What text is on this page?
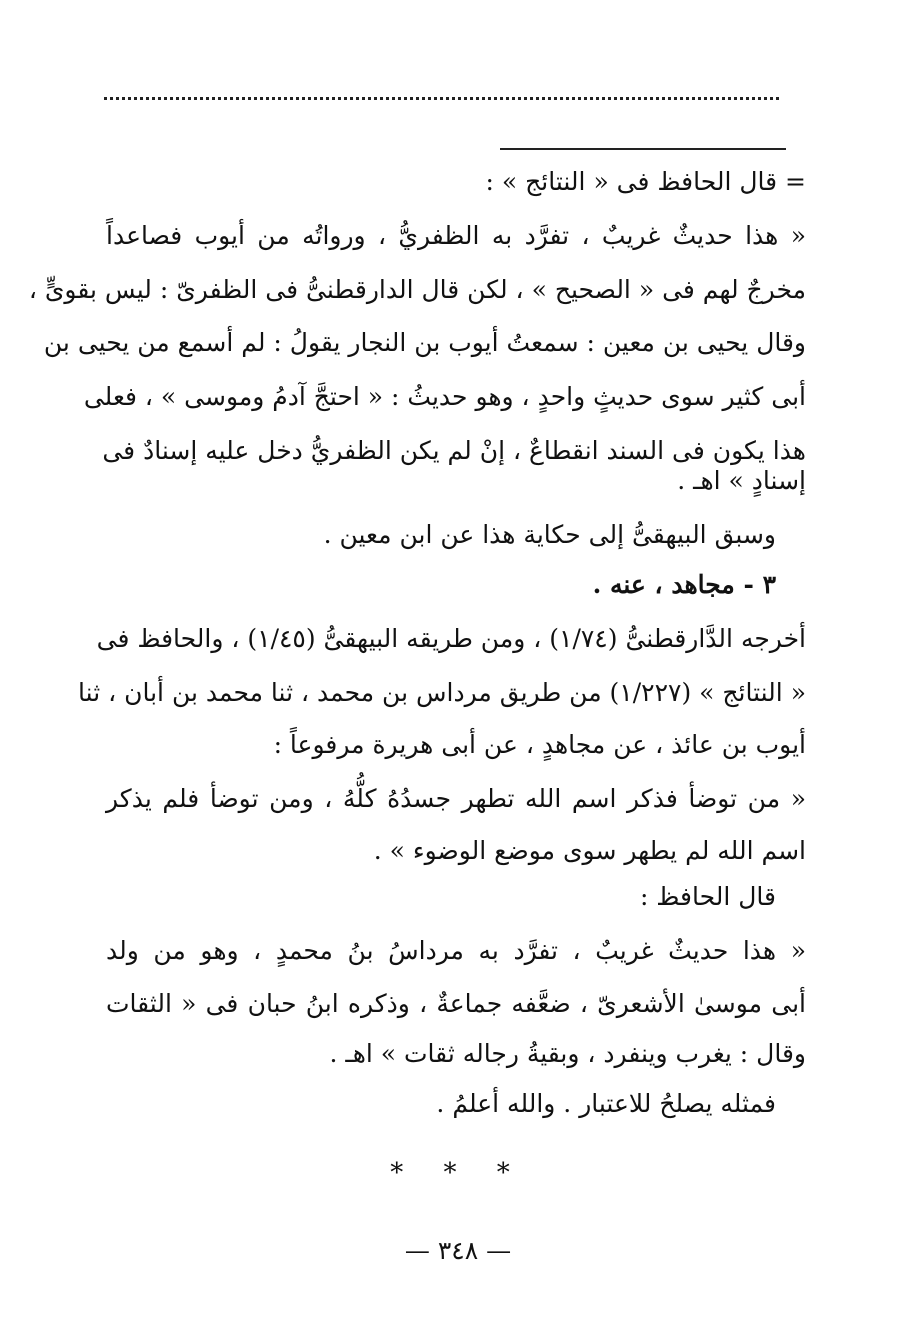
= قال الحافظ فى « النتائج » :
« هذا حديثٌ غريبٌ ، تفرَّد به الظفريُّ ، ورواتُه من أيوب فصاعداً
مخرجٌ لهم فى « الصحيح » ، لكن قال الدارقطنىُّ فى الظفرىّ : ليس بقوىٍّ ،
وقال يحيى بن معين : سمعتُ أيوب بن النجار يقولُ : لم أسمع من يحيى بن
أبى كثير سوى حديثٍ واحدٍ ، وهو حديثُ : « احتجَّ آدمُ وموسى » ، فعلى
هذا يكون فى السند انقطاعٌ ، إنْ لم يكن الظفريُّ دخل عليه إسنادٌ فى
إسنادٍ » اهـ .
وسبق البيهقىُّ إلى حكاية هذا عن ابن معين .
٣ - مجاهد ، عنه .
أخرجه الدَّارقطنىُّ (١/٧٤) ، ومن طريقه البيهقىُّ (١/٤٥) ، والحافظ فى
« النتائج » (١/٢٢٧) من طريق مرداس بن محمد ، ثنا محمد بن أبان ، ثنا
أيوب بن عائذ ، عن مجاهدٍ ، عن أبى هريرة مرفوعاً :
« من توضأ فذكر اسم الله تطهر جسدُهُ كلُّهُ ، ومن توضأ فلم يذكر
اسم الله لم يطهر سوى موضع الوضوء » .
قال الحافظ :
« هذا حديثٌ غريبٌ ، تفرَّد به مرداسُ بنُ محمدٍ ، وهو من ولد
أبى موسىٰ الأشعرىّ ، ضعَّفه جماعةٌ ، وذكره ابنُ حبان فى « الثقات
وقال : يغرب وينفرد ، وبقيةُ رجاله ثقات » اهـ .
فمثله يصلحُ للاعتبار . والله أعلمُ .
* * *
— ٣٤٨ —
